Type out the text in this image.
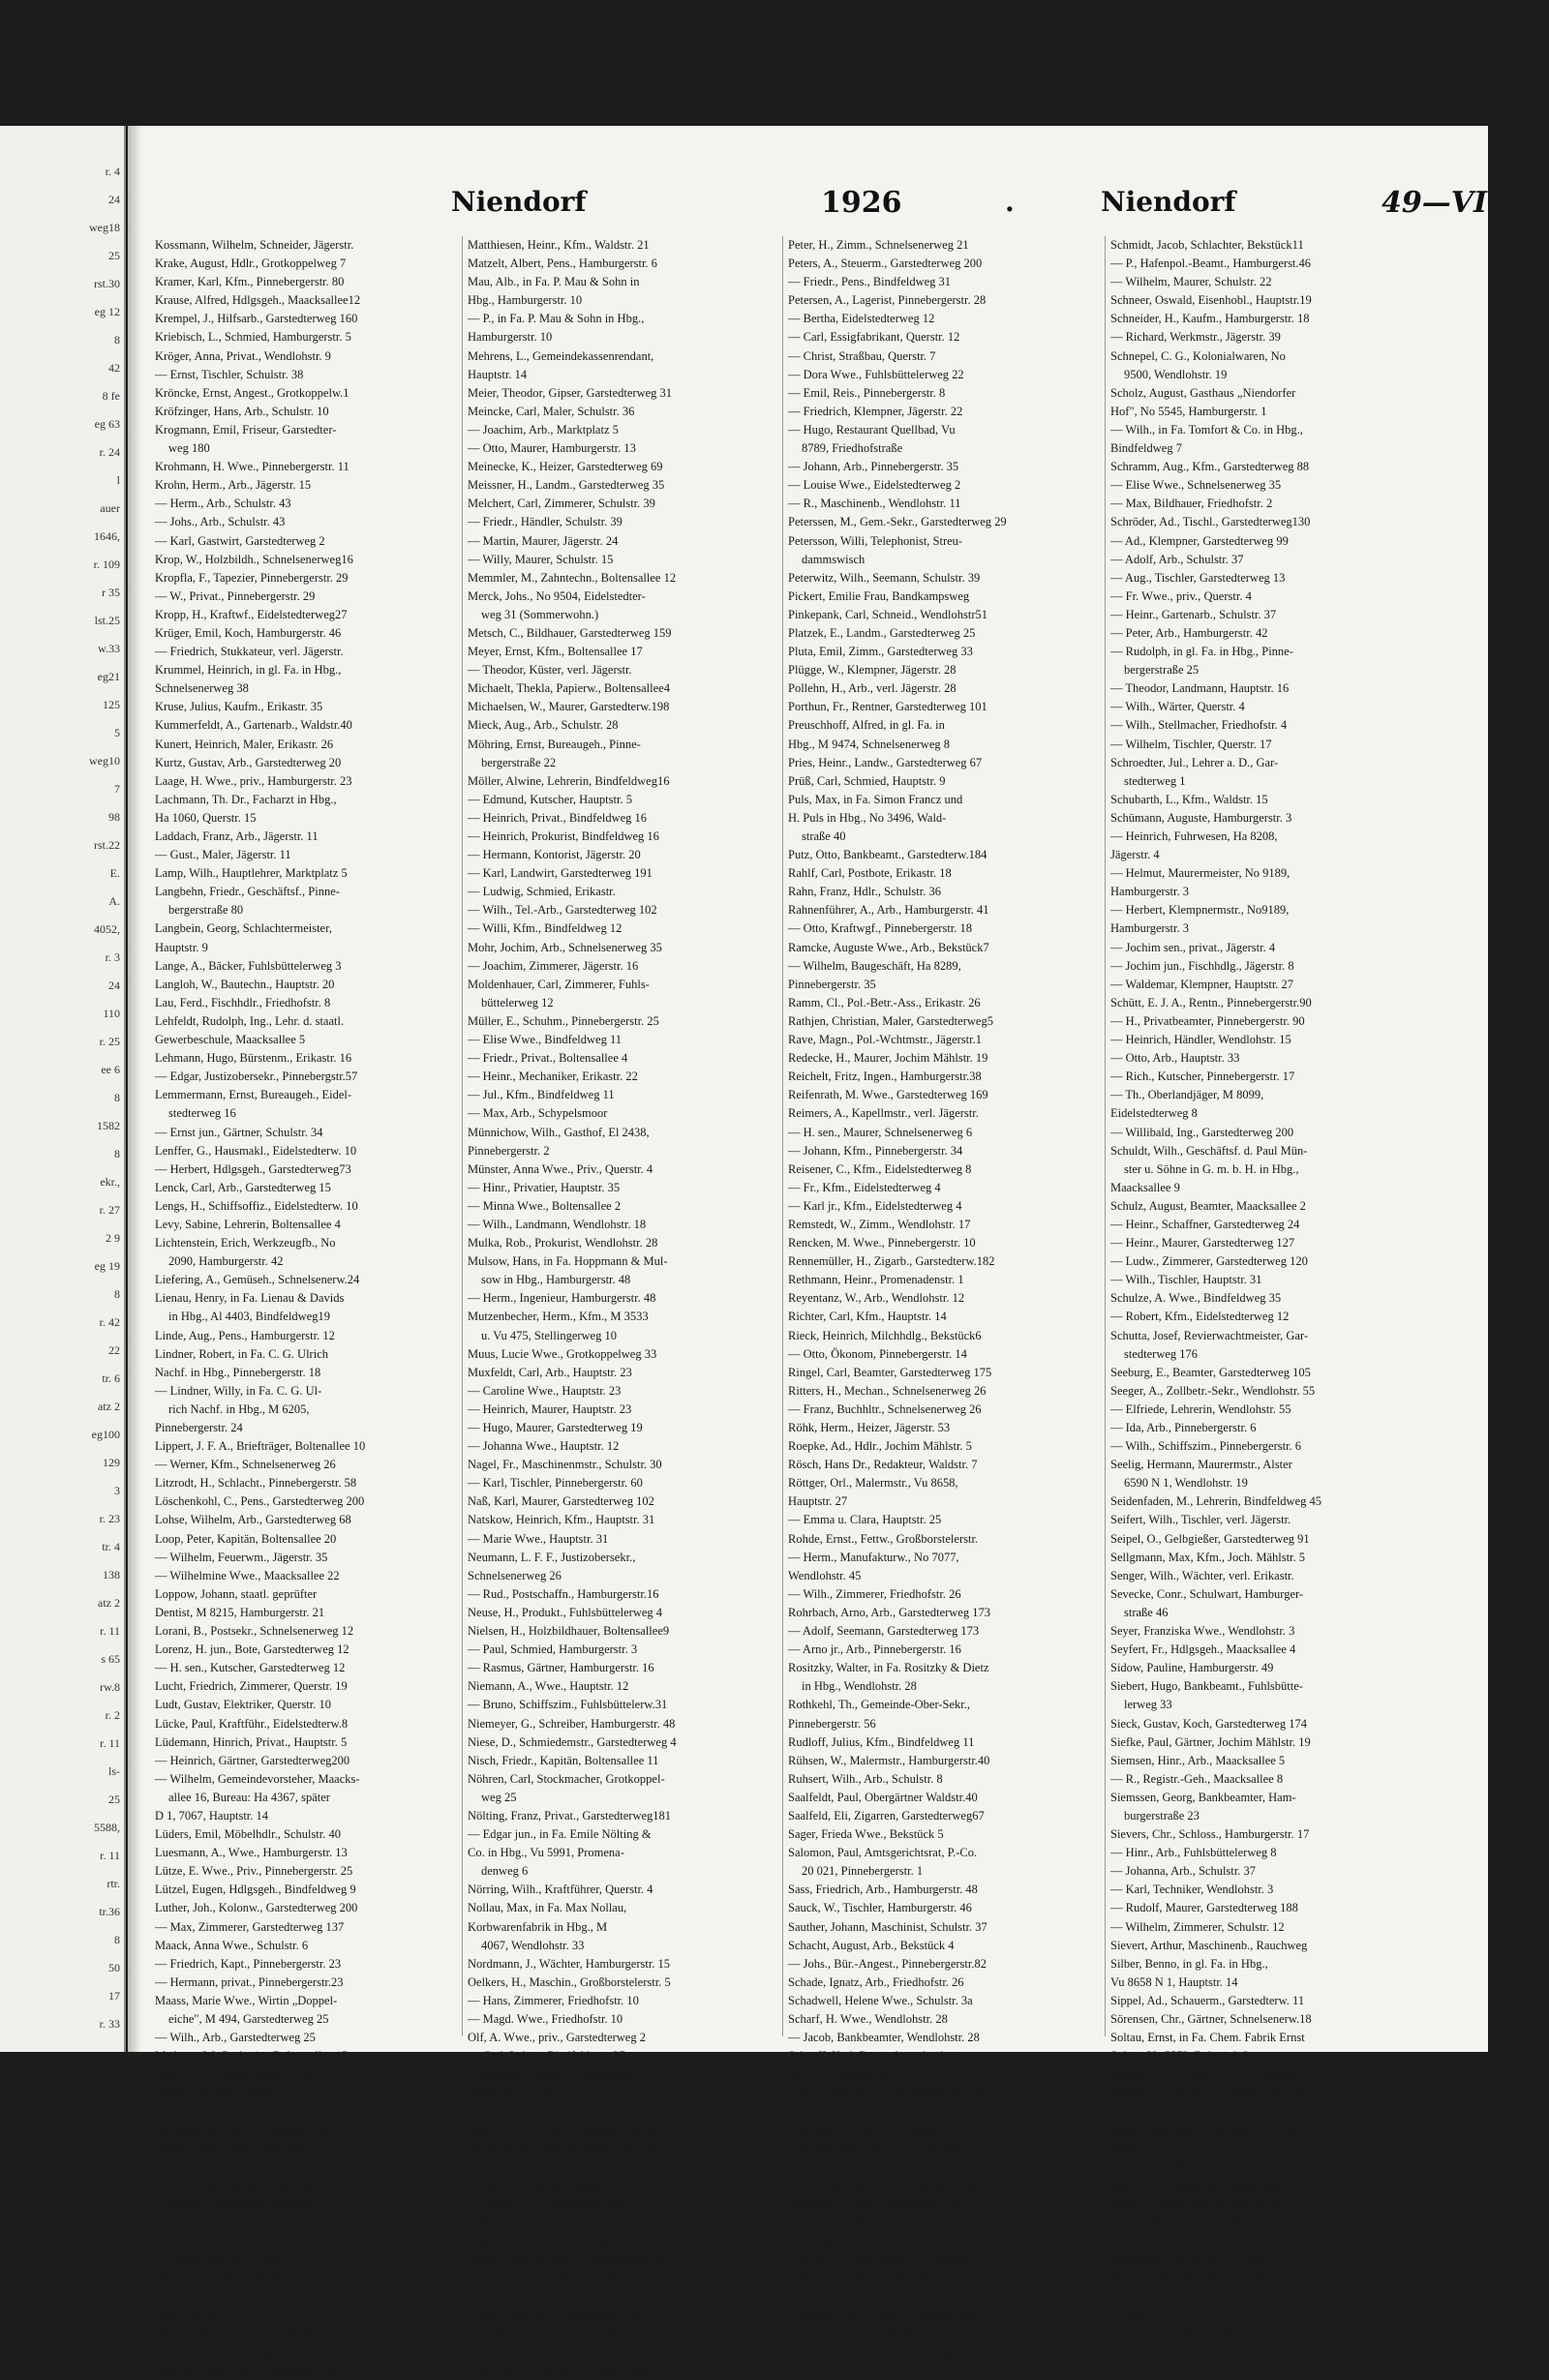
r. 4
24
weg18
25
rst.30
eg 12
8
42
8 fe
eg 63
r. 24
l
auer
1646,
r. 109
r 35
lst.25
w.33
eg21
125
5
weg10
7
98
rst.22
E.
A.
4052,
r. 3
24
110
r. 25
ee 6
8
1582
8
ekr.,
r. 27
2 9
eg 19
8
r. 42
22
tr. 6
atz 2
eg100
129
3
r. 23
tr. 4
138
atz 2
r. 11
s 65
rw.8
r. 2
r. 11
ls-
25
5588,
r. 11
rtr.
tr.36
8
50
17
r. 33
Niendorf	1926	.	Niendorf	49—VI
Kossmann, Wilhelm, Schneider, Jägerstr.
Krake, August, Hdlr., Grotkoppelweg 7
Kramer, Karl, Kfm., Pinnebergerstr. 80
Krause, Alfred, Hdlgsgeh., Maacksallee12
Krempel, J., Hilfsarb., Garstedterweg 160
Kriebisch, L., Schmied, Hamburgerstr. 5
Kröger, Anna, Privat., Wendlohstr. 9
— Ernst, Tischler, Schulstr. 38
Kröncke, Ernst, Angest., Grotkoppelw.1
Kröfzinger, Hans, Arb., Schulstr. 10
Krogmann, Emil, Friseur, Garstedter-
weg 180
Krohmann, H. Wwe., Pinnebergerstr. 11
Krohn, Herm., Arb., Jägerstr. 15
— Herm., Arb., Schulstr. 43
— Johs., Arb., Schulstr. 43
— Karl, Gastwirt, Garstedterweg 2
Krop, W., Holzbildh., Schnelsenerweg16
Kropfla, F., Tapezier, Pinnebergerstr. 29
— W., Privat., Pinnebergerstr. 29
Kropp, H., Kraftwf., Eidelstedterweg27
Krüger, Emil, Koch, Hamburgerstr. 46
— Friedrich, Stukkateur, verl. Jägerstr.
Krummel, Heinrich, in gl. Fa. in Hbg.,
Schnelsenerweg 38
Kruse, Julius, Kaufm., Erikastr. 35
Kummerfeldt, A., Gartenarb., Waldstr.40
Kunert, Heinrich, Maler, Erikastr. 26
Kurtz, Gustav, Arb., Garstedterweg 20
Laage, H. Wwe., priv., Hamburgerstr. 23
Lachmann, Th. Dr., Facharzt in Hbg.,
Ha 1060, Querstr. 15
Laddach, Franz, Arb., Jägerstr. 11
— Gust., Maler, Jägerstr. 11
Lamp, Wilh., Hauptlehrer, Marktplatz 5
Langbehn, Friedr., Geschäftsf., Pinne-
bergerstraße 80
Langbein, Georg, Schlachtermeister,
Hauptstr. 9
Lange, A., Bäcker, Fuhlsbüttelerweg 3
Langloh, W., Bautechn., Hauptstr. 20
Lau, Ferd., Fischhdlr., Friedhofstr. 8
Lehfeldt, Rudolph, Ing., Lehr. d. staatl.
Gewerbeschule, Maacksallee 5
Lehmann, Hugo, Bürstenm., Erikastr. 16
— Edgar, Justizobersekr., Pinnebergstr.57
Lemmermann, Ernst, Bureaugeh., Eidel-
stedterweg 16
— Ernst jun., Gärtner, Schulstr. 34
Lenffer, G., Hausmakl., Eidelstedterw. 10
— Herbert, Hdlgsgeh., Garstedterweg73
Lenck, Carl, Arb., Garstedterweg 15
Lengs, H., Schiffsoffiz., Eidelstedterw. 10
Levy, Sabine, Lehrerin, Boltensallee 4
Lichtenstein, Erich, Werkzeugfb., No
2090, Hamburgerstr. 42
Liefering, A., Gemüseh., Schnelsenerw.24
Lienau, Henry, in Fa. Lienau & Davids
in Hbg., Al 4403, Bindfeldweg19
Linde, Aug., Pens., Hamburgerstr. 12
Lindner, Robert, in Fa. C. G. Ulrich
Nachf. in Hbg., Pinnebergerstr. 18
— Lindner, Willy, in Fa. C. G. Ul-
rich Nachf. in Hbg., M 6205,
Pinnebergerstr. 24
Lippert, J. F. A., Briefträger, Boltenallee 10
— Werner, Kfm., Schnelsenerweg 26
Litzrodt, H., Schlacht., Pinnebergerstr. 58
Löschenkohl, C., Pens., Garstedterweg 200
Lohse, Wilhelm, Arb., Garstedterweg 68
Loop, Peter, Kapitän, Boltensallee 20
— Wilhelm, Feuerwm., Jägerstr. 35
— Wilhelmine Wwe., Maacksallee 22
Loppow, Johann, staatl. geprüfter
Dentist, M 8215, Hamburgerstr. 21
Lorani, B., Postsekr., Schnelsenerweg 12
Lorenz, H. jun., Bote, Garstedterweg 12
— H. sen., Kutscher, Garstedterweg 12
Lucht, Friedrich, Zimmerer, Querstr. 19
Ludt, Gustav, Elektriker, Querstr. 10
Lücke, Paul, Kraftführ., Eidelstedterw.8
Lüdemann, Hinrich, Privat., Hauptstr. 5
— Heinrich, Gärtner, Garstedterweg200
— Wilhelm, Gemeindevorsteher, Maacks-
allee 16, Bureau: Ha 4367, später
D 1, 7067, Hauptstr. 14
Lüders, Emil, Möbelhdlr., Schulstr. 40
Luesmann, A., Wwe., Hamburgerstr. 13
Lütze, E. Wwe., Priv., Pinnebergerstr. 25
Lützel, Eugen, Hdlgsgeh., Bindfeldweg 9
Luther, Joh., Kolonw., Garstedterweg 200
— Max, Zimmerer, Garstedterweg 137
Maack, Anna Wwe., Schulstr. 6
— Friedrich, Kapt., Pinnebergerstr. 23
— Hermann, privat., Pinnebergerstr.23
Maass, Marie Wwe., Wirtin „Doppel-
eiche", M 494, Garstedterweg 25
— Wilh., Arb., Garstedterweg 25
Madantz, W., Prokurist, Boltensallee 15
Mähl, Peter, Gastwirtschaft „Zum
Bäcker", M 3537, Hauptstr. 2
— Henriette, Privat., Schulstr. 7
Markgraf, W., Maler, Garstedterweg 17
Mallon, Wilh., Kfm., Boltensallee 7
Martens, Carl, privat., Waldstr. 29
— Felix, Steuermann, Boltensallee 12
— Rudolf, Hofbesitzer, Schulstr. 8
Marwitz, John, Hdlr., Erikastr. 18
Marynek, J., Reisewärter, Rieselfeld
— Viktor, Arb., Rieselfeld
Matt, Aug., Gärtner, Stellingerweg 8
Matthiessen, Heinrich J., in gl. Fa. in
Hbg., Waldstr. 21
Masson, Henriette, Privat., Waldstr. 40
— Luise Wwe., Stellingerweg 8
Matthes, Anna Wwe., Garstedterweg 13
Matthiesen, Heinr., Kfm., Waldstr. 21
Matzelt, Albert, Pens., Hamburgerstr. 6
Mau, Alb., in Fa. P. Mau & Sohn in
Hbg., Hamburgerstr. 10
— P., in Fa. P. Mau & Sohn in Hbg.,
Hamburgerstr. 10
Mehrens, L., Gemeindekassenrendant,
Hauptstr. 14
Meier, Theodor, Gipser, Garstedterweg 31
Meincke, Carl, Maler, Schulstr. 36
— Joachim, Arb., Marktplatz 5
— Otto, Maurer, Hamburgerstr. 13
Meinecke, K., Heizer, Garstedterweg 69
Meissner, H., Landm., Garstedterweg 35
Melchert, Carl, Zimmerer, Schulstr. 39
— Friedr., Händler, Schulstr. 39
— Martin, Maurer, Jägerstr. 24
— Willy, Maurer, Schulstr. 15
Memmler, M., Zahntechn., Boltensallee 12
Merck, Johs., No 9504, Eidelstedter-
weg 31 (Sommerwohn.)
Metsch, C., Bildhauer, Garstedterweg 159
Meyer, Ernst, Kfm., Boltensallee 17
— Theodor, Küster, verl. Jägerstr.
Michaelt, Thekla, Papierw., Boltensallee4
Michaelsen, W., Maurer, Garstedterw.198
Mieck, Aug., Arb., Schulstr. 28
Möhring, Ernst, Bureaugeh., Pinne-
bergerstraße 22
Möller, Alwine, Lehrerin, Bindfeldweg16
— Edmund, Kutscher, Hauptstr. 5
— Heinrich, Privat., Bindfeldweg 16
— Heinrich, Prokurist, Bindfeldweg 16
— Hermann, Kontorist, Jägerstr. 20
— Karl, Landwirt, Garstedterweg 191
— Ludwig, Schmied, Erikastr.
— Wilh., Tel.-Arb., Garstedterweg 102
— Willi, Kfm., Bindfeldweg 12
Mohr, Jochim, Arb., Schnelsenerweg 35
— Joachim, Zimmerer, Jägerstr. 16
Moldenhauer, Carl, Zimmerer, Fuhls-
büttelerweg 12
Müller, E., Schuhm., Pinnebergerstr. 25
— Elise Wwe., Bindfeldweg 11
— Friedr., Privat., Boltensallee 4
— Heinr., Mechaniker, Erikastr. 22
— Jul., Kfm., Bindfeldweg 11
— Max, Arb., Schypelsmoor
Münnichow, Wilh., Gasthof, El 2438,
Pinnebergerstr. 2
Münster, Anna Wwe., Priv., Querstr. 4
— Hinr., Privatier, Hauptstr. 35
— Minna Wwe., Boltensallee 2
— Wilh., Landmann, Wendlohstr. 18
Mulka, Rob., Prokurist, Wendlohstr. 28
Mulsow, Hans, in Fa. Hoppmann & Mul-
sow in Hbg., Hamburgerstr. 48
— Herm., Ingenieur, Hamburgerstr. 48
Mutzenbecher, Herm., Kfm., M 3533
u. Vu 475, Stellingerweg 10
Muus, Lucie Wwe., Grotkoppelweg 33
Muxfeldt, Carl, Arb., Hauptstr. 23
— Caroline Wwe., Hauptstr. 23
— Heinrich, Maurer, Hauptstr. 23
— Hugo, Maurer, Garstedterweg 19
— Johanna Wwe., Hauptstr. 12
Nagel, Fr., Maschinenmstr., Schulstr. 30
— Karl, Tischler, Pinnebergerstr. 60
Naß, Karl, Maurer, Garstedterweg 102
Natskow, Heinrich, Kfm., Hauptstr. 31
— Marie Wwe., Hauptstr. 31
Neumann, L. F. F., Justizobersekr.,
Schnelsenerweg 26
— Rud., Postschaffn., Hamburgerstr.16
Neuse, H., Produkt., Fuhlsbüttelerweg 4
Nielsen, H., Holzbildhauer, Boltensallee9
— Paul, Schmied, Hamburgerstr. 3
— Rasmus, Gärtner, Hamburgerstr. 16
Niemann, A., Wwe., Hauptstr. 12
— Bruno, Schiffszim., Fuhlsbüttelerw.31
Niemeyer, G., Schreiber, Hamburgerstr. 48
Niese, D., Schmiedemstr., Garstedterweg 4
Nisch, Friedr., Kapitän, Boltensallee 11
Nöhren, Carl, Stockmacher, Grotkoppel-
weg 25
Nölting, Franz, Privat., Garstedterweg181
— Edgar jun., in Fa. Emile Nölting &
Co. in Hbg., Vu 5991, Promena-
denweg 6
Nörring, Wilh., Kraftführer, Querstr. 4
Nollau, Max, in Fa. Max Nollau,
Korbwarenfabrik in Hbg., M
4067, Wendlohstr. 33
Nordmann, J., Wächter, Hamburgerstr. 15
Oelkers, H., Maschin., Großborstelerstr. 5
— Hans, Zimmerer, Friedhofstr. 10
— Magd. Wwe., Friedhofstr. 10
Olf, A. Wwe., priv., Garstedterweg 2
— Carl, Lehrer, Bindfeldweg 37
Oldenburg, Wilhelm, Schuhmmstr.,
Hamburgerstr. 10
Orlikowski, Mich., Pens., Friedhofstr. 2
Ossius, Karl, Dreher, Garstedterweg 26
Overbeck, H., Kfm., Pinnebergerstr. 56
Paasburg, Hinrich, Kutscher, Hauptstr. 26
— Julius, Schaffner, Hauptstr. 26
— Rudolf, Arb., Eidelstedterweg 14
Pahl, Carl, Buchdr., Schnelsenerweg 29
Pantelmann, W. Wwe., Hauptstr. 19
Parbst, Joachim, Arb., Garstedterweg 69
— Heinrich, Garstedterweg 69
Pauls, Wilhelm, Stellmacher, Schulstr. 6
Paulsen, Heinrich, Eidelstedterweg 12
Pein, Dora Wwe., Hauptstr. 20
— Heinr., Arb., Hauptstr. 19
Perle, Alois, Stukkat., Garstedterweg 100
Peter, H., Zimm., Schnelsenerweg 21
Peters, A., Steuerm., Garstedterweg 200
— Friedr., Pens., Bindfeldweg 31
Petersen, A., Lagerist, Pinnebergerstr. 28
— Bertha, Eidelstedterweg 12
— Carl, Essigfabrikant, Querstr. 12
— Christ, Straßbau, Querstr. 7
— Dora Wwe., Fuhlsbüttelerweg 22
— Emil, Reis., Pinnebergerstr. 8
— Friedrich, Klempner, Jägerstr. 22
— Hugo, Restaurant Quellbad, Vu
8789, Friedhofstraße
— Johann, Arb., Pinnebergerstr. 35
— Louise Wwe., Eidelstedterweg 2
— R., Maschinenb., Wendlohstr. 11
Peterssen, M., Gem.-Sekr., Garstedterweg 29
Petersson, Willi, Telephonist, Streu-
dammswisch
Peterwitz, Wilh., Seemann, Schulstr. 39
Pickert, Emilie Frau, Bandkampsweg
Pinkepank, Carl, Schneid., Wendlohstr51
Platzek, E., Landm., Garstedterweg 25
Pluta, Emil, Zimm., Garstedterweg 33
Plügge, W., Klempner, Jägerstr. 28
Pollehn, H., Arb., verl. Jägerstr. 28
Porthun, Fr., Rentner, Garstedterweg 101
Preuschhoff, Alfred, in gl. Fa. in
Hbg., M 9474, Schnelsenerweg 8
Pries, Heinr., Landw., Garstedterweg 67
Prüß, Carl, Schmied, Hauptstr. 9
Puls, Max, in Fa. Simon Francz und
H. Puls in Hbg., No 3496, Wald-
straße 40
Putz, Otto, Bankbeamt., Garstedterw.184
Rahlf, Carl, Postbote, Erikastr. 18
Rahn, Franz, Hdlr., Schulstr. 36
Rahnenführer, A., Arb., Hamburgerstr. 41
— Otto, Kraftwgf., Pinnebergerstr. 18
Ramcke, Auguste Wwe., Arb., Bekstück7
— Wilhelm, Baugeschäft, Ha 8289,
Pinnebergerstr. 35
Ramm, Cl., Pol.-Betr.-Ass., Erikastr. 26
Rathjen, Christian, Maler, Garstedterweg5
Rave, Magn., Pol.-Wchtmstr., Jägerstr.1
Redecke, H., Maurer, Jochim Mählstr. 19
Reichelt, Fritz, Ingen., Hamburgerstr.38
Reifenrath, M. Wwe., Garstedterweg 169
Reimers, A., Kapellmstr., verl. Jägerstr.
— H. sen., Maurer, Schnelsenerweg 6
— Johann, Kfm., Pinnebergerstr. 34
Reisener, C., Kfm., Eidelstedterweg 8
— Fr., Kfm., Eidelstedterweg 4
— Karl jr., Kfm., Eidelstedterweg 4
Remstedt, W., Zimm., Wendlohstr. 17
Rencken, M. Wwe., Pinnebergerstr. 10
Rennemüller, H., Zigarb., Garstedterw.182
Rethmann, Heinr., Promenadenstr. 1
Reyentanz, W., Arb., Wendlohstr. 12
Richter, Carl, Kfm., Hauptstr. 14
Rieck, Heinrich, Milchhdlg., Bekstück6
— Otto, Ökonom, Pinnebergerstr. 14
Ringel, Carl, Beamter, Garstedterweg 175
Ritters, H., Mechan., Schnelsenerweg 26
— Franz, Buchhltr., Schnelsenerweg 26
Röhk, Herm., Heizer, Jägerstr. 53
Roepke, Ad., Hdlr., Jochim Mählstr. 5
Rösch, Hans Dr., Redakteur, Waldstr. 7
Röttger, Orl., Malermstr., Vu 8658,
Hauptstr. 27
— Emma u. Clara, Hauptstr. 25
Rohde, Ernst., Fettw., Großborstelerstr.
— Herm., Manufakturw., No 7077,
Wendlohstr. 45
— Wilh., Zimmerer, Friedhofstr. 26
Rohrbach, Arno, Arb., Garstedterweg 173
— Adolf, Seemann, Garstedterweg 173
— Arno jr., Arb., Pinnebergerstr. 16
Rositzky, Walter, in Fa. Rositzky & Dietz
in Hbg., Wendlohstr. 28
Rothkehl, Th., Gemeinde-Ober-Sekr.,
Pinnebergerstr. 56
Rudloff, Julius, Kfm., Bindfeldweg 11
Rühsen, W., Malermstr., Hamburgerstr.40
Ruhsert, Wilh., Arb., Schulstr. 8
Saalfeldt, Paul, Obergärtner Waldstr.40
Saalfeld, Eli, Zigarren, Garstedterweg67
Sager, Frieda Wwe., Bekstück 5
Salomon, Paul, Amtsgerichtsrat, P.-Co.
20 021, Pinnebergerstr. 1
Sass, Friedrich, Arb., Hamburgerstr. 48
Sauck, W., Tischler, Hamburgerstr. 46
Sauther, Johann, Maschinist, Schulstr. 37
Schacht, August, Arb., Bekstück 4
— Johs., Bür.-Angest., Pinnebergerstr.82
Schade, Ignatz, Arb., Friedhofstr. 26
Schadwell, Helene Wwe., Schulstr. 3a
Scharf, H. Wwe., Wendlohstr. 28
— Jacob, Bankbeamter, Wendlohstr. 28
Schauff, Karl, Dr. med., prakt. Arzt,
No 2017, Maacksallee 20
Scheel, Max, Stepper, Hamburgerstr. 16
Scheele, W., Insp., Fuhlsbüttelerweg 35
Scheffler, H., Tischler, Hauptstr. 14a
Scheteilg, Wilh., Pastor, Marktplatz 6
Schikowski, Marie Wwe., Erikastr. 5
Schildhorn, Chr., Arb., Schnelsenerweg 29
Schilling, H., Kfm., Wendlohstr. 16
Schliesser, F. W., in Fa. Schliesser & Co.
in Hbg., Garstedterweg 183
Schlosser, J., Bankbeamt., Friedhofstr.20
Schlüter, Adolf, Arb., Friedhofstr. 10
— Franz, Glaser, Hauptstr. 12
Schmidt, Ernst, Landm., Garstedterweg7
— Friedr., Arb., Friedhofstr. 10
— Gustav, Buchdrucker, verl. Jägerstr.
Schmidt, Jacob, Schlachter, Bekstück11
— P., Hafenpol.-Beamt., Hamburgerst.46
— Wilhelm, Maurer, Schulstr. 22
Schneer, Oswald, Eisenhobl., Hauptstr.19
Schneider, H., Kaufm., Hamburgerstr. 18
— Richard, Werkmstr., Jägerstr. 39
Schnepel, C. G., Kolonialwaren, No
9500, Wendlohstr. 19
Scholz, August, Gasthaus „Niendorfer
Hof", No 5545, Hamburgerstr. 1
— Wilh., in Fa. Tomfort & Co. in Hbg.,
Bindfeldweg 7
Schramm, Aug., Kfm., Garstedterweg 88
— Elise Wwe., Schnelsenerweg 35
— Max, Bildhauer, Friedhofstr. 2
Schröder, Ad., Tischl., Garstedterweg130
— Ad., Klempner, Garstedterweg 99
— Adolf, Arb., Schulstr. 37
— Aug., Tischler, Garstedterweg 13
— Fr. Wwe., priv., Querstr. 4
— Heinr., Gartenarb., Schulstr. 37
— Peter, Arb., Hamburgerstr. 42
— Rudolph, in gl. Fa. in Hbg., Pinne-
bergerstraße 25
— Theodor, Landmann, Hauptstr. 16
— Wilh., Wärter, Querstr. 4
— Wilh., Stellmacher, Friedhofstr. 4
— Wilhelm, Tischler, Querstr. 17
Schroedter, Jul., Lehrer a. D., Gar-
stedterweg 1
Schubarth, L., Kfm., Waldstr. 15
Schümann, Auguste, Hamburgerstr. 3
— Heinrich, Fuhrwesen, Ha 8208,
Jägerstr. 4
— Helmut, Maurermeister, No 9189,
Hamburgerstr. 3
— Herbert, Klempnermstr., No9189,
Hamburgerstr. 3
— Jochim sen., privat., Jägerstr. 4
— Jochim jun., Fischhdlg., Jägerstr. 8
— Waldemar, Klempner, Hauptstr. 27
Schütt, E. J. A., Rentn., Pinnebergerstr.90
— H., Privatbeamter, Pinnebergerstr. 90
— Heinrich, Händler, Wendlohstr. 15
— Otto, Arb., Hauptstr. 33
— Rich., Kutscher, Pinnebergerstr. 17
— Th., Oberlandjäger, M 8099,
Eidelstedterweg 8
— Willibald, Ing., Garstedterweg 200
Schuldt, Wilh., Geschäftsf. d. Paul Mün-
ster u. Söhne in G. m. b. H. in Hbg.,
Maacksallee 9
Schulz, August, Beamter, Maacksallee 2
— Heinr., Schaffner, Garstedterweg 24
— Heinr., Maurer, Garstedterweg 127
— Ludw., Zimmerer, Garstedterweg 120
— Wilh., Tischler, Hauptstr. 31
Schulze, A. Wwe., Bindfeldweg 35
— Robert, Kfm., Eidelstedterweg 12
Schutta, Josef, Revierwachtmeister, Gar-
stedterweg 176
Seeburg, E., Beamter, Garstedterweg 105
Seeger, A., Zollbetr.-Sekr., Wendlohstr. 55
— Elfriede, Lehrerin, Wendlohstr. 55
— Ida, Arb., Pinnebergerstr. 6
— Wilh., Schiffszim., Pinnebergerstr. 6
Seelig, Hermann, Maurermstr., Alster
6590 N 1, Wendlohstr. 19
Seidenfaden, M., Lehrerin, Bindfeldweg 45
Seifert, Wilh., Tischler, verl. Jägerstr.
Seipel, O., Gelbgießer, Garstedterweg 91
Sellgmann, Max, Kfm., Joch. Mählstr. 5
Senger, Wilh., Wächter, verl. Erikastr.
Sevecke, Conr., Schulwart, Hamburger-
straße 46
Seyer, Franziska Wwe., Wendlohstr. 3
Seyfert, Fr., Hdlgsgeh., Maacksallee 4
Sidow, Pauline, Hamburgerstr. 49
Siebert, Hugo, Bankbeamt., Fuhlsbütte-
lerweg 33
Sieck, Gustav, Koch, Garstedterweg 174
Siefke, Paul, Gärtner, Jochim Mählstr. 19
Siemsen, Hinr., Arb., Maacksallee 5
— R., Registr.-Geh., Maacksallee 8
Siemssen, Georg, Bankbeamter, Ham-
burgerstraße 23
Sievers, Chr., Schloss., Hamburgerstr. 17
— Hinr., Arb., Fuhlsbüttelerweg 8
— Johanna, Arb., Schulstr. 37
— Karl, Techniker, Wendlohstr. 3
— Rudolf, Maurer, Garstedterweg 188
— Wilhelm, Zimmerer, Schulstr. 12
Sievert, Arthur, Maschinenb., Rauchweg
Silber, Benno, in gl. Fa. in Hbg.,
Vu 8658 N 1, Hauptstr. 14
Sippel, Ad., Schauerm., Garstedterw. 11
Sörensen, Chr., Gärtner, Schnelsenerw.18
Soltau, Ernst, in Fa. Chem. Fabrik Ernst
Soltau, Vu 5572, Bekstück 8
Soltow, H., Tel.-Betr.-Ass., Grotkoppelw.25
Sonntag, Fr., Grünw., Pinnebergerstr. 20
Sorge, Paul, Gärtnereil, Hauptstr. 9
Sottorf, Joachim, Hofbesitzer, M 7638,
Hauptstr. 4
Spittel, Karl, Pens., Garstedterweg 42
Spehr, W., Postagentur, Boltensallee 4
Spirling, Adolf, Arb., Hamburgerstr. 21
Spötter, Herm., Buchb., Wendlohstr. 51
Stadler, A., Eidelstedterweg 2
Stapelfeldt, Joh. Wwe., Schulstr. 10
Starken, Otto, Buchdrucker, Waldstr.
Steckelberg, W., Postsekr., Garstedter-
weg 42
Steding, Fritz, Masch., Pinnebergerstr.21
Steen, Karl, Buchbinder, Bekstück 1
